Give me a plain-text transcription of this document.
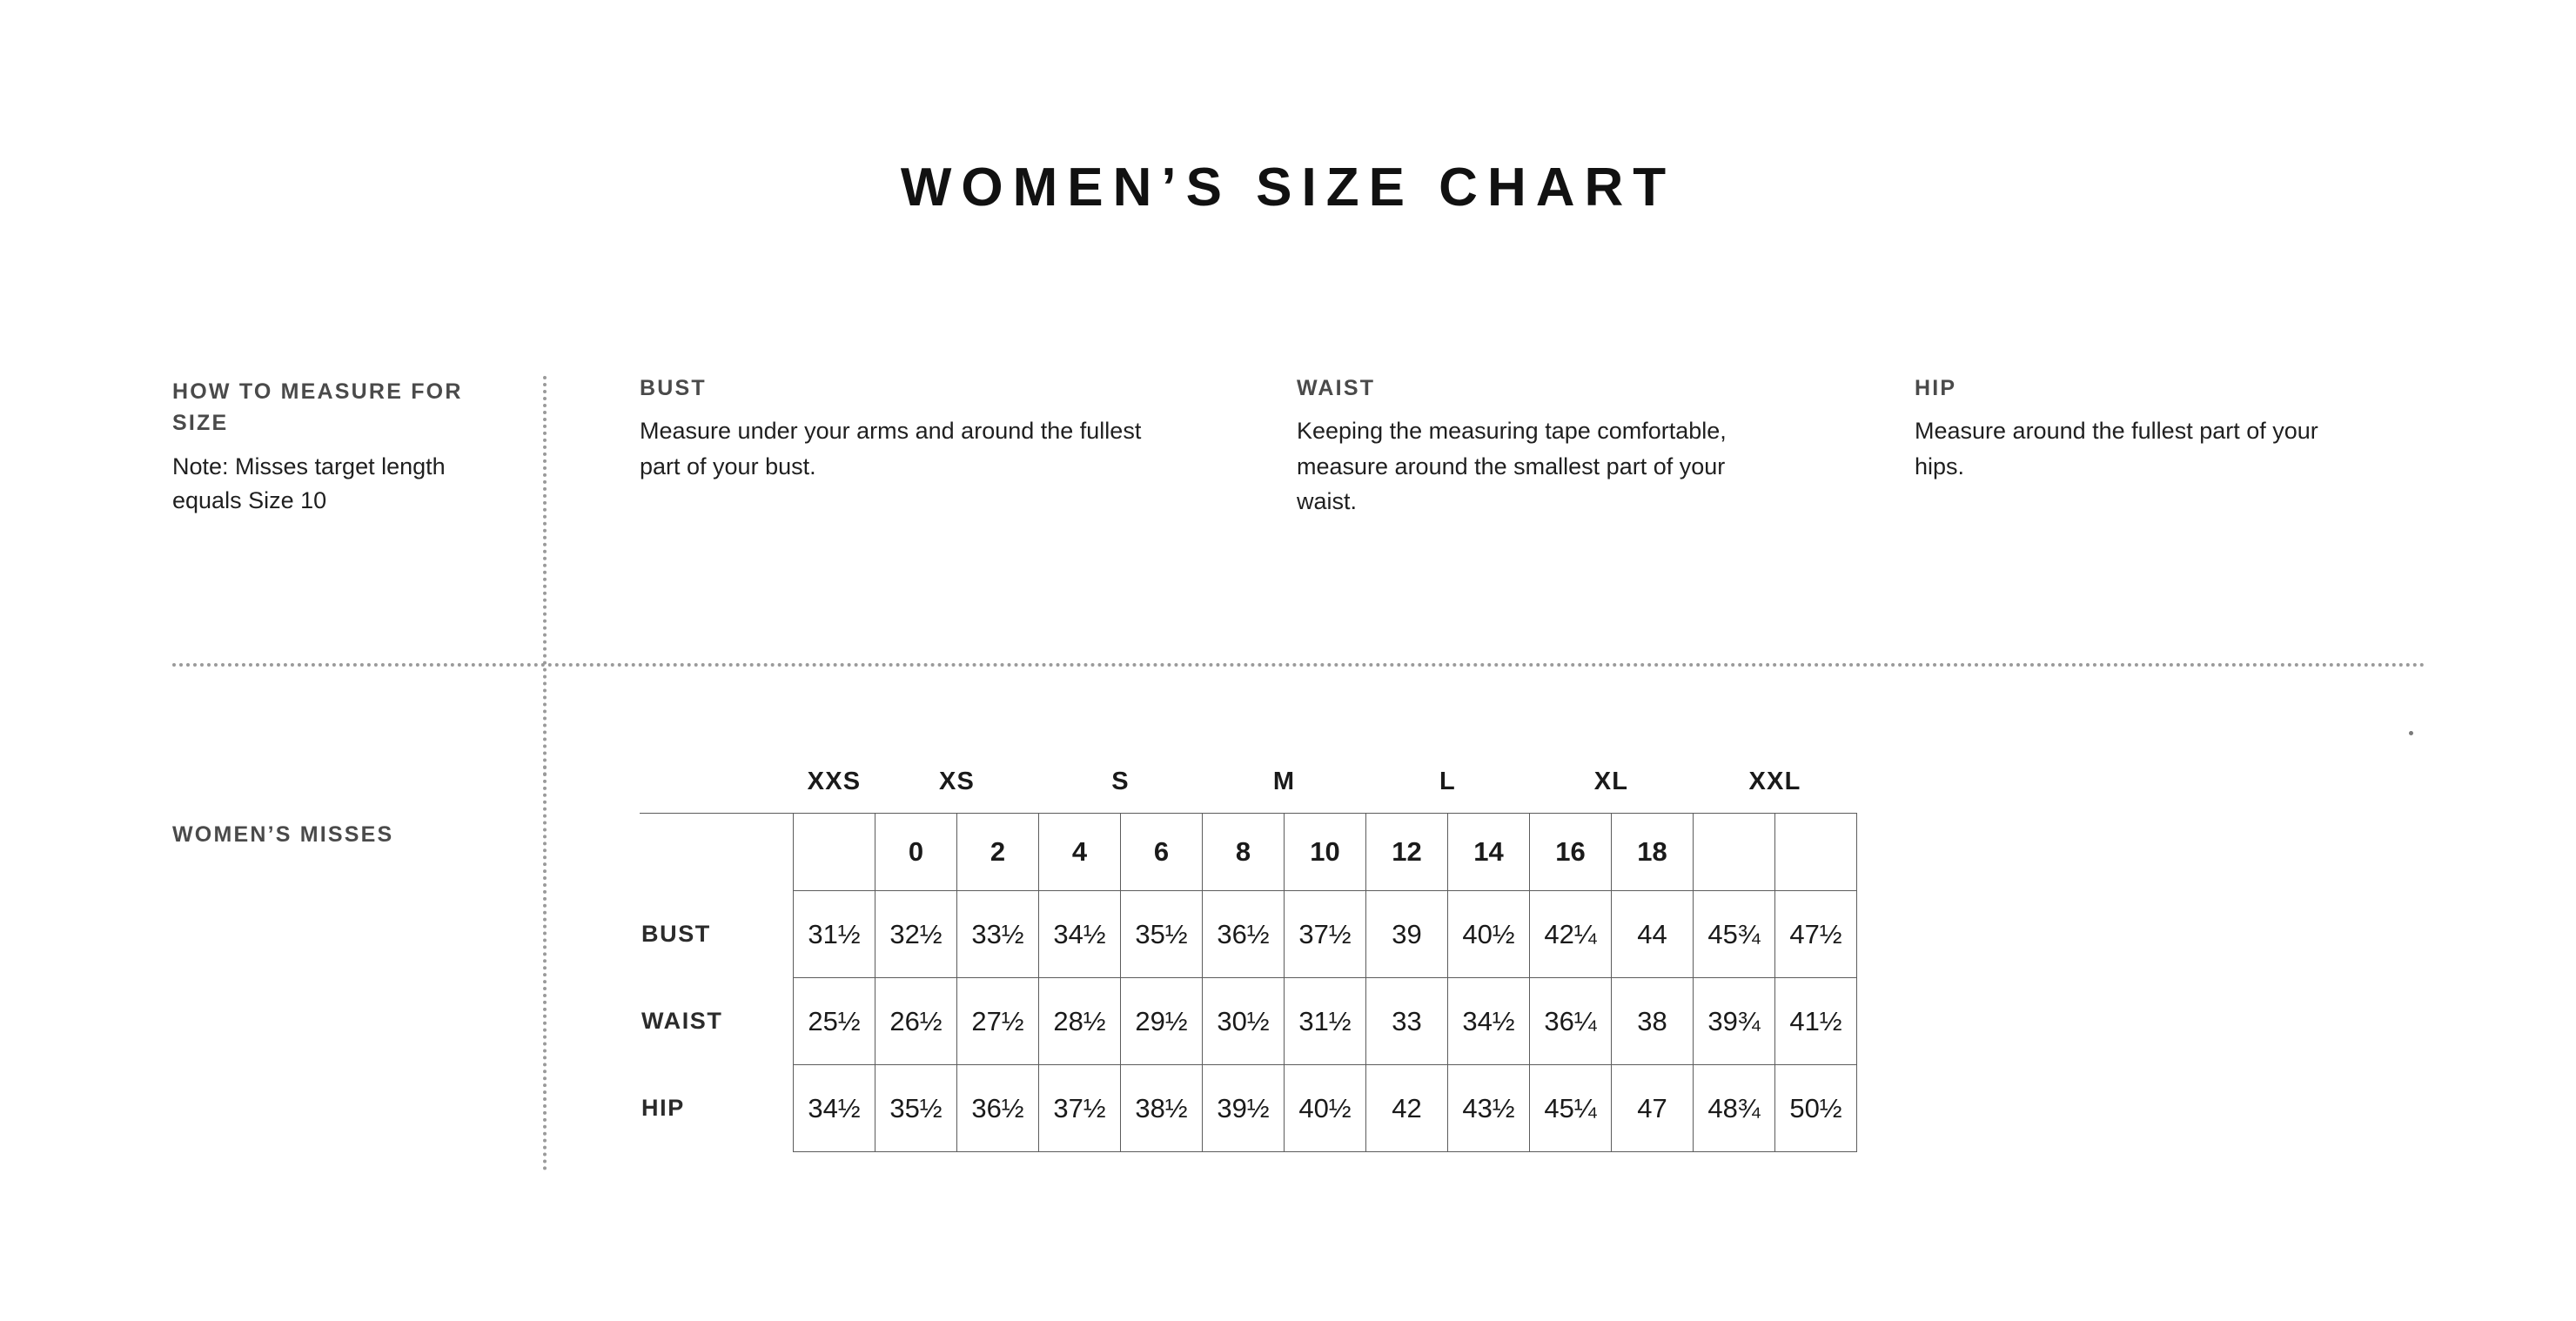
WOMEN’S SIZE CHART
HOW TO MEASURE FOR SIZE
Note: Misses target length equals Size 10
BUST
Measure under your arms and around the fullest part of your bust.
WAIST
Keeping the measuring tape comfortable, measure around the smallest part of your waist.
HIP
Measure around the fullest part of your hips.
WOMEN’S MISSES
	XXS	XS		S		M		L		XL		XXL	
		0	2	4	6	8	10	12	14	16	18		
BUST	31½	32½	33½	34½	35½	36½	37½	39	40½	42¼	44	45¾	47½
WAIST	25½	26½	27½	28½	29½	30½	31½	33	34½	36¼	38	39¾	41½
HIP	34½	35½	36½	37½	38½	39½	40½	42	43½	45¼	47	48¾	50½
